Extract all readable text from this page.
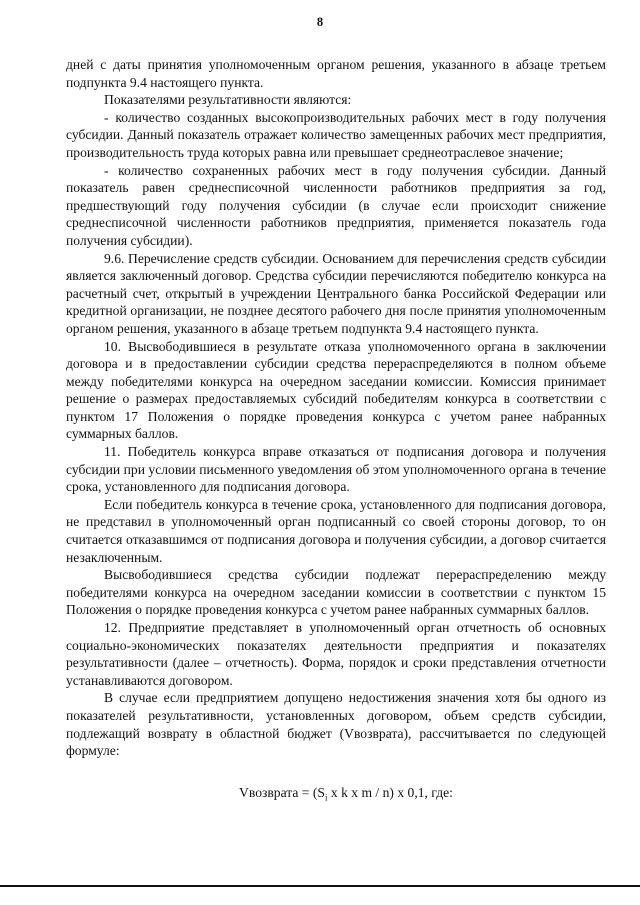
8

дней с даты принятия уполномоченным органом решения, указанного в абзаце третьем подпункта 9.4 настоящего пункта.

Показателями результативности являются:

- количество созданных высокопроизводительных рабочих мест в году получения субсидии. Данный показатель отражает количество замещенных рабочих мест предприятия, производительность труда которых равна или превышает среднеотраслевое значение;

- количество сохраненных рабочих мест в году получения субсидии. Данный показатель равен среднесписочной численности работников предприятия за год, предшествующий году получения субсидии (в случае если происходит снижение среднесписочной численности работников предприятия, применяется показатель года получения субсидии).

9.6. Перечисление средств субсидии. Основанием для перечисления средств субсидии является заключенный договор. Средства субсидии перечисляются победителю конкурса на расчетный счет, открытый в учреждении Центрального банка Российской Федерации или кредитной организации, не позднее десятого рабочего дня после принятия уполномоченным органом решения, указанного в абзаце третьем подпункта 9.4 настоящего пункта.

10. Высвободившиеся в результате отказа уполномоченного органа в заключении договора и в предоставлении субсидии средства перераспределяются в полном объеме между победителями конкурса на очередном заседании комиссии. Комиссия принимает решение о размерах предоставляемых субсидий победителям конкурса в соответствии с пунктом 17 Положения о порядке проведения конкурса с учетом ранее набранных суммарных баллов.

11. Победитель конкурса вправе отказаться от подписания договора и получения субсидии при условии письменного уведомления об этом уполномоченного органа в течение срока, установленного для подписания договора.

Если победитель конкурса в течение срока, установленного для подписания договора, не представил в уполномоченный орган подписанный со своей стороны договор, то он считается отказавшимся от подписания договора и получения субсидии, а договор считается незаключенным.

Высвободившиеся средства субсидии подлежат перераспределению между победителями конкурса на очередном заседании комиссии в соответствии с пунктом 15 Положения о порядке проведения конкурса с учетом ранее набранных суммарных баллов.

12. Предприятие представляет в уполномоченный орган отчетность об основных социально-экономических показателях деятельности предприятия и показателях результативности (далее – отчетность). Форма, порядок и сроки представления отчетности устанавливаются договором.

В случае если предприятием допущено недостижения значения хотя бы одного из показателей результативности, установленных договором, объем средств субсидии, подлежащий возврату в областной бюджет (Vвозврата), рассчитывается по следующей формуле:

Vвозврата = ($S_i$ x k x m / n) x 0,1, где:
